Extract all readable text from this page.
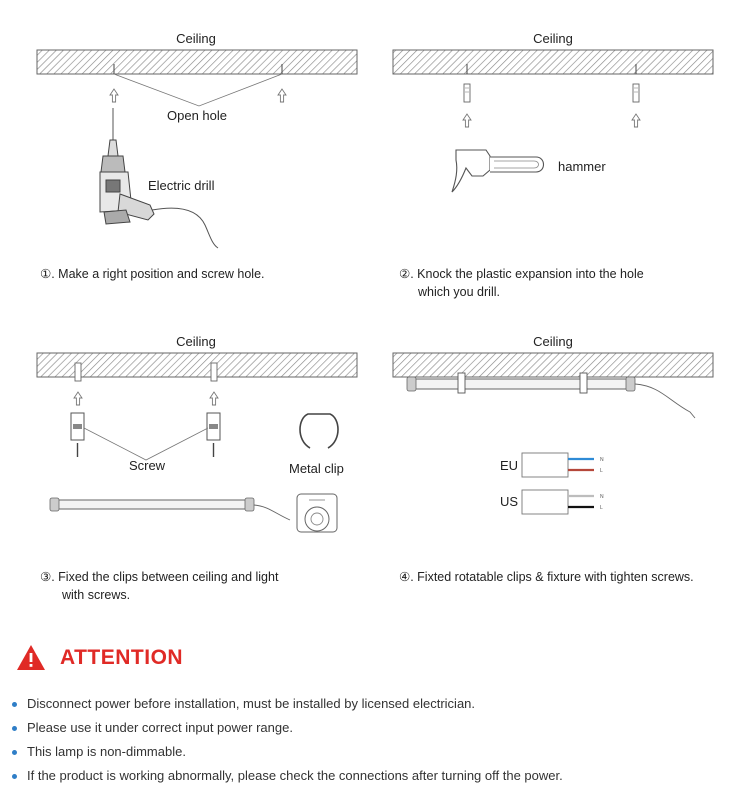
Ceiling
Open hole
Electric drill
①. Make a right position and screw hole.
Ceiling
hammer
②. Knock the plastic expansion into the hole
which you drill.
Ceiling
Screw	Metal clip
③. Fixed the clips between ceiling and light
with screws.
Ceiling
EU	N
L
US	N
L
④. Fixted rotatable clips & fixture with tighten screws.
ATTENTION
Disconnect power before installation, must be installed by licensed electrician.
Please use it under correct input power range.
This lamp is non-dimmable.
If the product is working abnormally, please check the connections after turning off the power.
